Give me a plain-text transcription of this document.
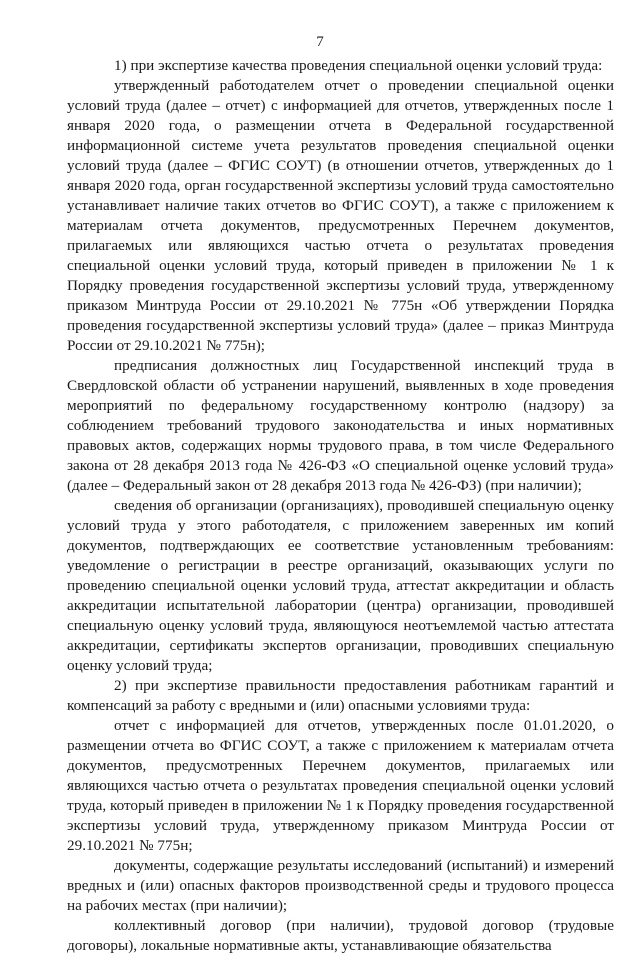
7

1) при экспертизе качества проведения специальной оценки условий труда:

утвержденный работодателем отчет о проведении специальной оценки условий труда (далее – отчет) с информацией для отчетов, утвержденных после 1 января 2020 года, о размещении отчета в Федеральной государственной информационной системе учета результатов проведения специальной оценки условий труда (далее – ФГИС СОУТ) (в отношении отчетов, утвержденных до 1 января 2020 года, орган государственной экспертизы условий труда самостоятельно устанавливает наличие таких отчетов во ФГИС СОУТ), а также с приложением к материалам отчета документов, предусмотренных Перечнем документов, прилагаемых или являющихся частью отчета о результатах проведения специальной оценки условий труда, который приведен в приложении № 1 к Порядку проведения государственной экспертизы условий труда, утвержденному приказом Минтруда России от 29.10.2021 № 775н «Об утверждении Порядка проведения государственной экспертизы условий труда» (далее – приказ Минтруда России от 29.10.2021 № 775н);

предписания должностных лиц Государственной инспекций труда в Свердловской области об устранении нарушений, выявленных в ходе проведения мероприятий по федеральному государственному контролю (надзору) за соблюдением требований трудового законодательства и иных нормативных правовых актов, содержащих нормы трудового права, в том числе Федерального закона от 28 декабря 2013 года № 426-ФЗ «О специальной оценке условий труда» (далее – Федеральный закон от 28 декабря 2013 года № 426-ФЗ) (при наличии);

сведения об организации (организациях), проводившей специальную оценку условий труда у этого работодателя, с приложением заверенных им копий документов, подтверждающих ее соответствие установленным требованиям: уведомление о регистрации в реестре организаций, оказывающих услуги по проведению специальной оценки условий труда, аттестат аккредитации и область аккредитации испытательной лаборатории (центра) организации, проводившей специальную оценку условий труда, являющуюся неотъемлемой частью аттестата аккредитации, сертификаты экспертов организации, проводивших специальную оценку условий труда;

2) при экспертизе правильности предоставления работникам гарантий и компенсаций за работу с вредными и (или) опасными условиями труда:

отчет с информацией для отчетов, утвержденных после 01.01.2020, о размещении отчета во ФГИС СОУТ, а также с приложением к материалам отчета документов, предусмотренных Перечнем документов, прилагаемых или являющихся частью отчета о результатах проведения специальной оценки условий труда, который приведен в приложении № 1 к Порядку проведения государственной экспертизы условий труда, утвержденному приказом Минтруда России от 29.10.2021 № 775н;

документы, содержащие результаты исследований (испытаний) и измерений вредных и (или) опасных факторов производственной среды и трудового процесса на рабочих местах (при наличии);

коллективный договор (при наличии), трудовой договор (трудовые договоры), локальные нормативные акты, устанавливающие обязательства
